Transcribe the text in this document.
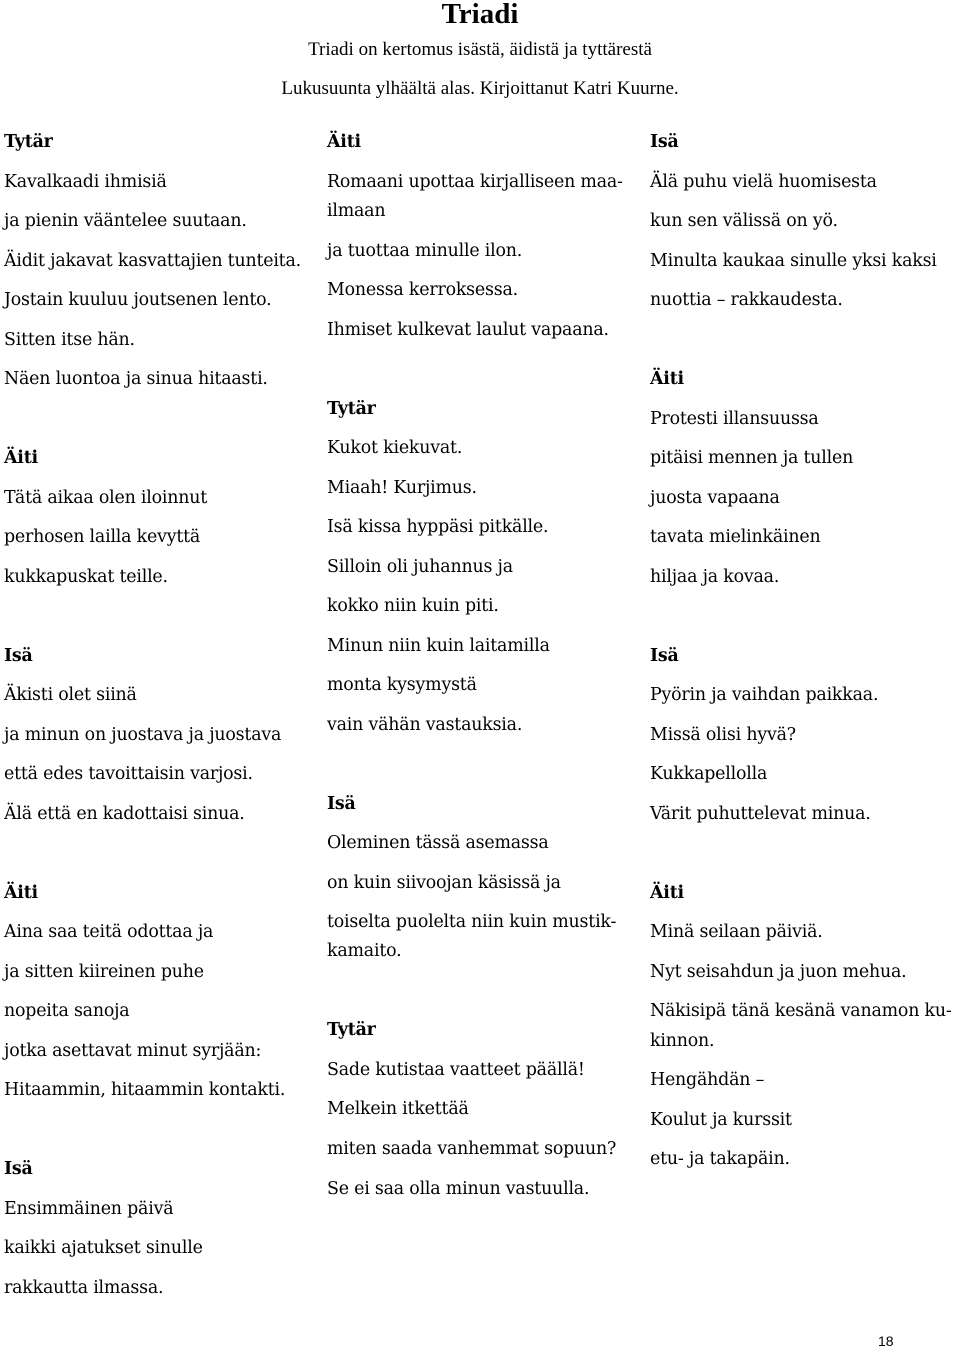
Triadi

Triadi on kertomus isästä, äidistä ja tyttärestä

Lukusuunta ylhäältä alas. Kirjoittanut Katri Kuurne.

Tytär
Kavalkaadi ihmisiä
ja pienin vääntelee suutaan.
Äidit jakavat kasvattajien tunteita.
Jostain kuuluu joutsenen lento.
Sitten itse hän.
Näen luontoa ja sinua hitaasti.
Äiti
Tätä aikaa olen iloinnut
perhosen lailla kevyttä
kukkapuskat teille.
Isä
Äkisti olet siinä
ja minun on juostava ja juostava
että edes tavoittaisin varjosi.
Älä että en kadottaisi sinua.
Äiti
Aina saa teitä odottaa ja
ja sitten kiireinen puhe
nopeita sanoja
jotka asettavat minut syrjään:
Hitaammin, hitaammin kontakti.
Isä
Ensimmäinen päivä
kaikki ajatukset sinulle
rakkautta ilmassa.
Äiti
Romaani upottaa kirjalliseen maa-
ilmaan
ja tuottaa minulle ilon.
Monessa kerroksessa.
Ihmiset kulkevat laulut vapaana.
Tytär
Kukot kiekuvat.
Miaah! Kurjimus.
Isä kissa hyppäsi pitkälle.
Silloin oli juhannus ja
kokko niin kuin piti.
Minun niin kuin laitamilla
monta kysymystä
vain vähän vastauksia.
Isä
Oleminen tässä asemassa
on kuin siivoojan käsissä ja
toiselta puolelta niin kuin mustik-
kamaito.
Tytär
Sade kutistaa vaatteet päällä!
Melkein itkettää
miten saada vanhemmat sopuun?
Se ei saa olla minun vastuulla.
Isä
Älä puhu vielä huomisesta
kun sen välissä on yö.
Minulta kaukaa sinulle yksi kaksi
nuottia – rakkaudesta.
Äiti
Protesti illansuussa
pitäisi mennen ja tullen
juosta vapaana
tavata mielinkäinen
hiljaa ja kovaa.
Isä
Pyörin ja vaihdan paikkaa.
Missä olisi hyvä?
Kukkapellolla
Värit puhuttelevat minua.
Äiti
Minä seilaan päiviä.
Nyt seisahdun ja juon mehua.
Näkisipä tänä kesänä vanamon ku-
kinnon.
Hengähdän –
Koulut ja kurssit
etu- ja takapäin.
18
